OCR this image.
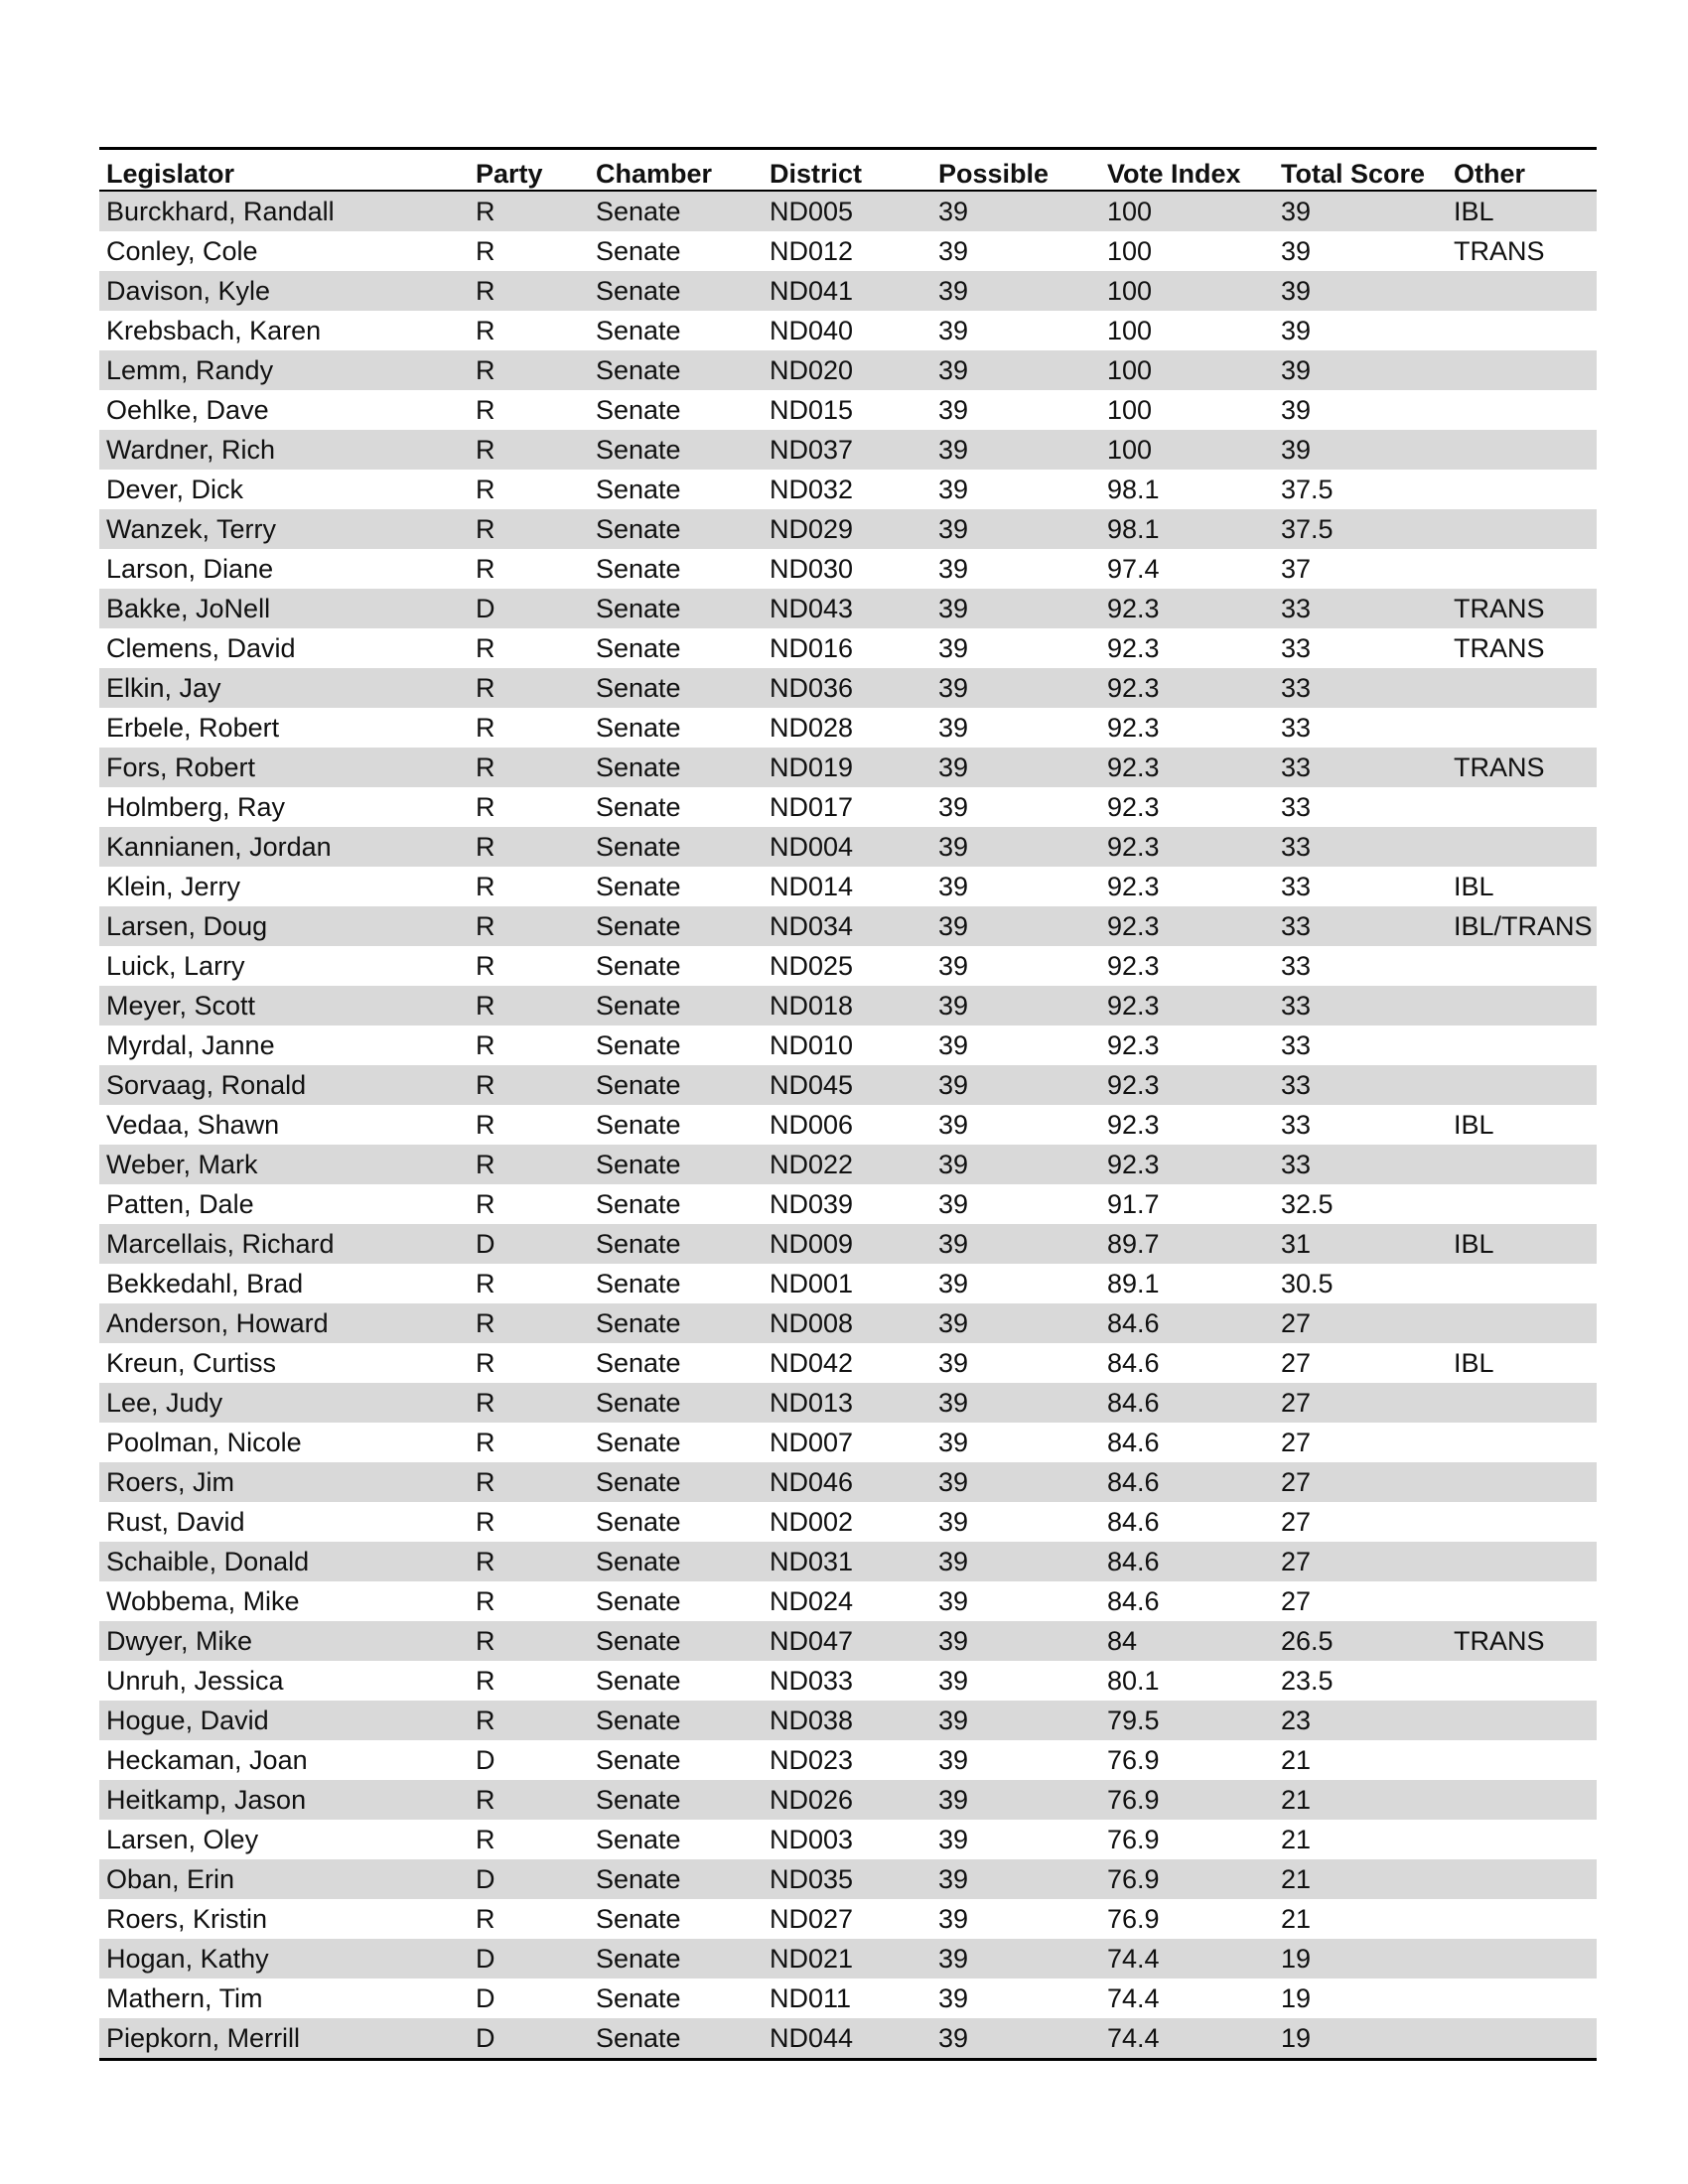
Legislator	Party	Chamber	District	Possible	Vote Index	Total Score	Other
Burckhard, Randall	R	Senate	ND005	39	100	39	IBL
Conley, Cole	R	Senate	ND012	39	100	39	TRANS
Davison, Kyle	R	Senate	ND041	39	100	39	
Krebsbach, Karen	R	Senate	ND040	39	100	39	
Lemm, Randy	R	Senate	ND020	39	100	39	
Oehlke, Dave	R	Senate	ND015	39	100	39	
Wardner, Rich	R	Senate	ND037	39	100	39	
Dever, Dick	R	Senate	ND032	39	98.1	37.5	
Wanzek, Terry	R	Senate	ND029	39	98.1	37.5	
Larson, Diane	R	Senate	ND030	39	97.4	37	
Bakke, JoNell	D	Senate	ND043	39	92.3	33	TRANS
Clemens, David	R	Senate	ND016	39	92.3	33	TRANS
Elkin, Jay	R	Senate	ND036	39	92.3	33	
Erbele, Robert	R	Senate	ND028	39	92.3	33	
Fors, Robert	R	Senate	ND019	39	92.3	33	TRANS
Holmberg, Ray	R	Senate	ND017	39	92.3	33	
Kannianen, Jordan	R	Senate	ND004	39	92.3	33	
Klein, Jerry	R	Senate	ND014	39	92.3	33	IBL
Larsen, Doug	R	Senate	ND034	39	92.3	33	IBL/TRANS
Luick, Larry	R	Senate	ND025	39	92.3	33	
Meyer, Scott	R	Senate	ND018	39	92.3	33	
Myrdal, Janne	R	Senate	ND010	39	92.3	33	
Sorvaag, Ronald	R	Senate	ND045	39	92.3	33	
Vedaa, Shawn	R	Senate	ND006	39	92.3	33	IBL
Weber, Mark	R	Senate	ND022	39	92.3	33	
Patten, Dale	R	Senate	ND039	39	91.7	32.5	
Marcellais, Richard	D	Senate	ND009	39	89.7	31	IBL
Bekkedahl, Brad	R	Senate	ND001	39	89.1	30.5	
Anderson, Howard	R	Senate	ND008	39	84.6	27	
Kreun, Curtiss	R	Senate	ND042	39	84.6	27	IBL
Lee, Judy	R	Senate	ND013	39	84.6	27	
Poolman, Nicole	R	Senate	ND007	39	84.6	27	
Roers, Jim	R	Senate	ND046	39	84.6	27	
Rust, David	R	Senate	ND002	39	84.6	27	
Schaible, Donald	R	Senate	ND031	39	84.6	27	
Wobbema, Mike	R	Senate	ND024	39	84.6	27	
Dwyer, Mike	R	Senate	ND047	39	84	26.5	TRANS
Unruh, Jessica	R	Senate	ND033	39	80.1	23.5	
Hogue, David	R	Senate	ND038	39	79.5	23	
Heckaman, Joan	D	Senate	ND023	39	76.9	21	
Heitkamp, Jason	R	Senate	ND026	39	76.9	21	
Larsen, Oley	R	Senate	ND003	39	76.9	21	
Oban, Erin	D	Senate	ND035	39	76.9	21	
Roers, Kristin	R	Senate	ND027	39	76.9	21	
Hogan, Kathy	D	Senate	ND021	39	74.4	19	
Mathern, Tim	D	Senate	ND011	39	74.4	19	
Piepkorn, Merrill	D	Senate	ND044	39	74.4	19	
